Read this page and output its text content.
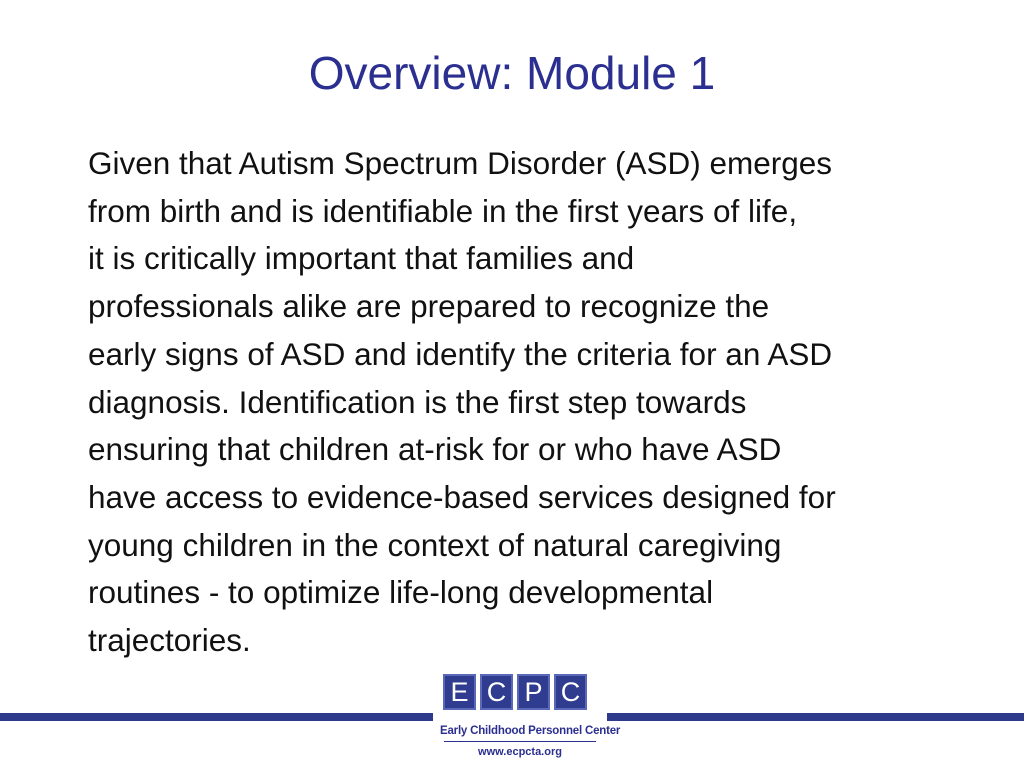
Overview: Module 1

Given that Autism Spectrum Disorder (ASD) emerges
from birth and is identifiable in the first years of life,
it is critically important that families and
professionals alike are prepared to recognize the
early signs of ASD and identify the criteria for an ASD
diagnosis. Identification is the first step towards
ensuring that children at-risk for or who have ASD
have access to evidence-based services designed for
young children in the context of natural caregiving
routines - to optimize life-long developmental
trajectories.

E C P C
Early Childhood Personnel Center
www.ecpcta.org
